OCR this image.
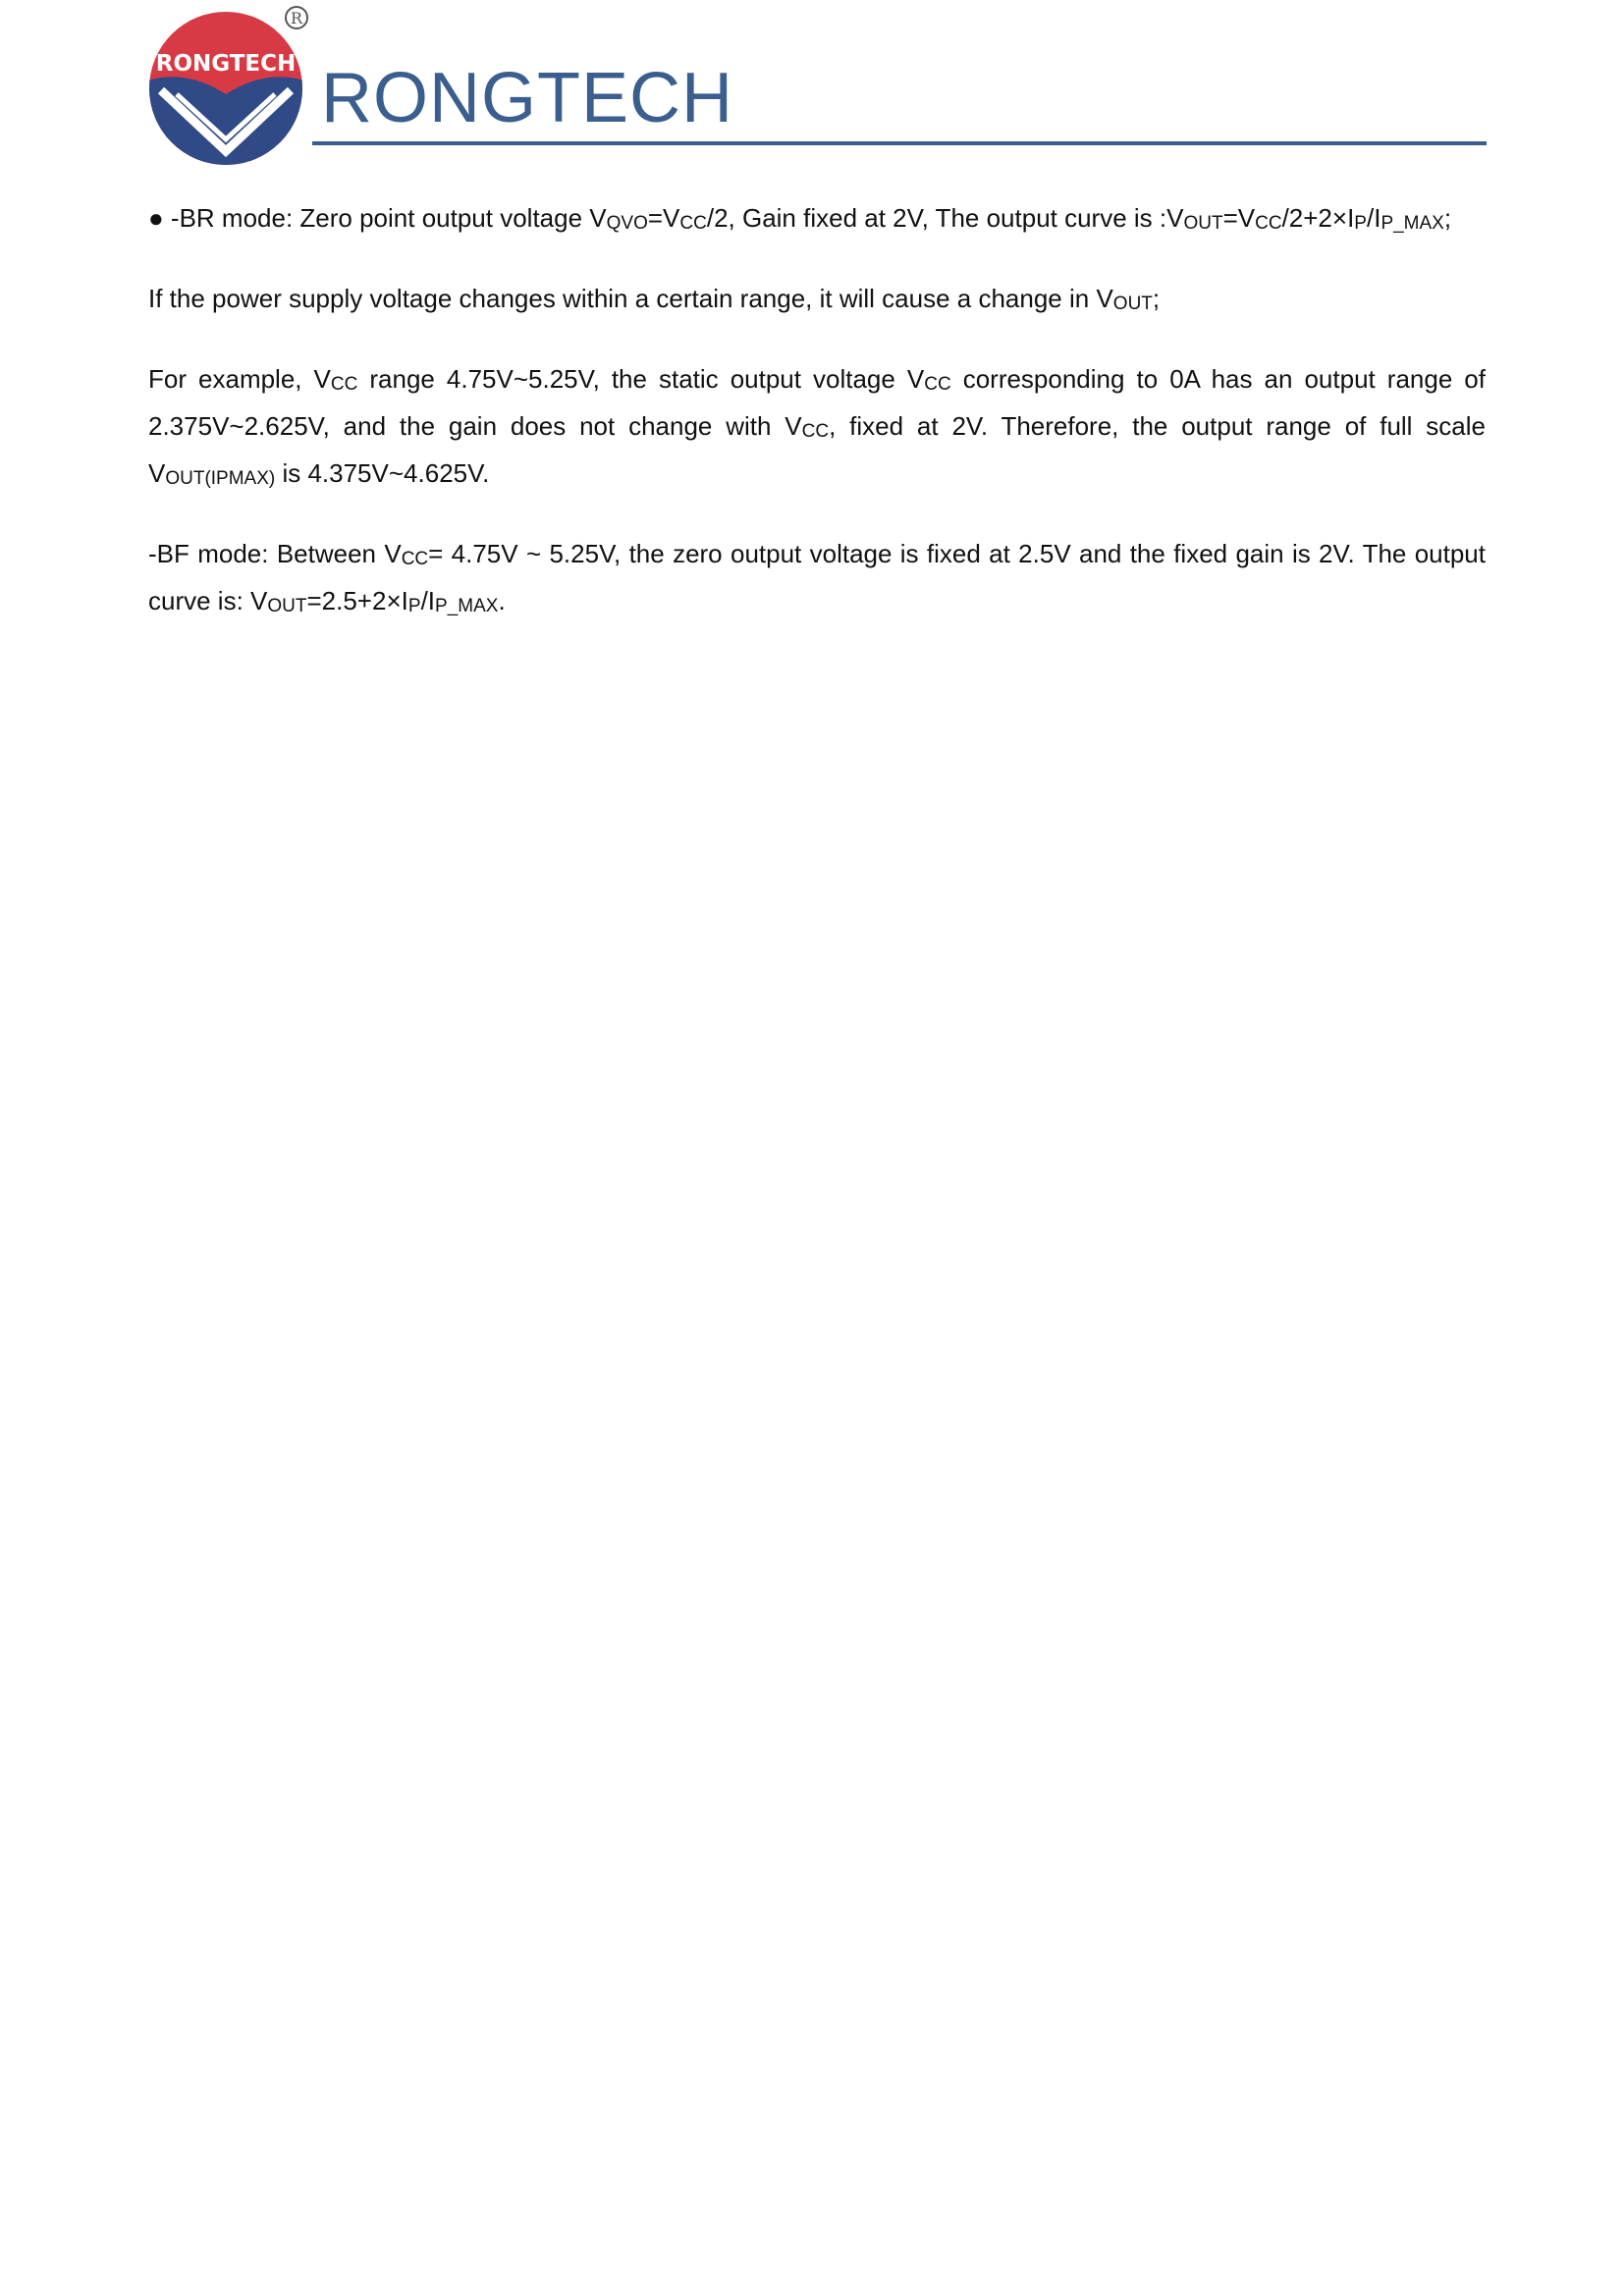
RONGTECH
R
RONGTECH

● -BR mode: Zero point output voltage $V_{QVO}=V_{CC}/2$, Gain fixed at 2V, The output curve is $:V_{OUT}=V_{CC}/2+2\times I_P/I_{P\_MAX}$;

If the power supply voltage changes within a certain range, it will cause a change in $V_{OUT}$;

For example, $V_{CC}$ range 4.75V~5.25V, the static output voltage $V_{CC}$ corresponding to 0A has an output range of 2.375V~2.625V, and the gain does not change with $V_{CC}$, fixed at 2V. Therefore, the output range of full scale $V_{OUT(IPMAX)}$ is 4.375V~4.625V.

-BF mode: Between $V_{CC}= 4.75V$ ~ 5.25V, the zero output voltage is fixed at 2.5V and the fixed gain is 2V. The output curve is: $V_{OUT}=2.5+2\times I_P/I_{P\_MAX}$.
